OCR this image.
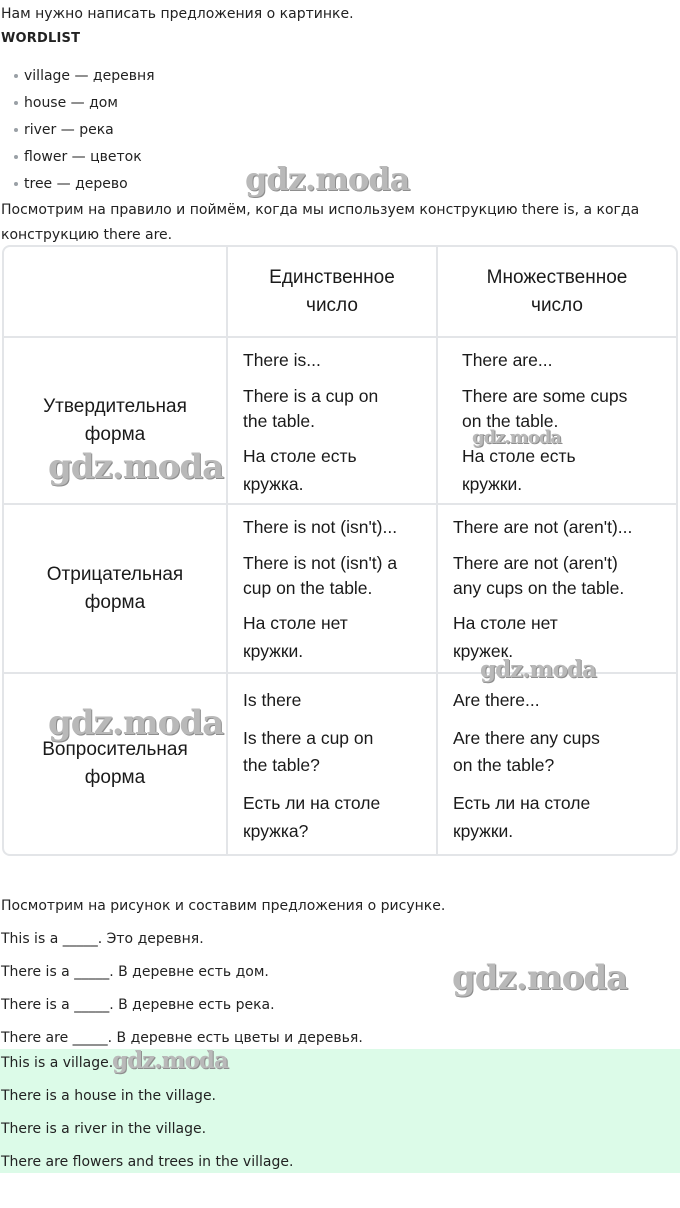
Нам нужно написать предложения о картинке.

WORDLIST

village — деревня
house — дом
river — река
flower — цветок
tree — дерево

Посмотрим на правило и поймём, когда мы используем конструкцию there is, а когда конструкцию there are.

Единственное
число
Множественное
число
Утвердительная
форма
There is...
There is a cup on
the table.
На столе есть
кружка.
There are...
There are some cups
on the table.
На столе есть
кружки.
Отрицательная
форма
There is not (isn't)...
There is not (isn't) a
cup on the table.
На столе нет
кружки.
There are not (aren't)...
There are not (aren't)
any cups on the table.
На столе нет
кружек.
Вопросительная
форма
Is there
Is there a cup on
the table?
Есть ли на столе
кружка?
Are there...
Are there any cups
on the table?
Есть ли на столе
кружки.

Посмотрим на рисунок и составим предложения о рисунке.

This is a _____. Это деревня.

There is a _____. В деревне есть дом.

There is a _____. В деревне есть река.

There are _____. В деревне есть цветы и деревья.

This is a village.

There is a house in the village.

There is a river in the village.

There are flowers and trees in the village.

gdz.moda
gdz.moda
gdz.moda
gdz.moda
gdz.moda
gdz.moda
gdz.moda
